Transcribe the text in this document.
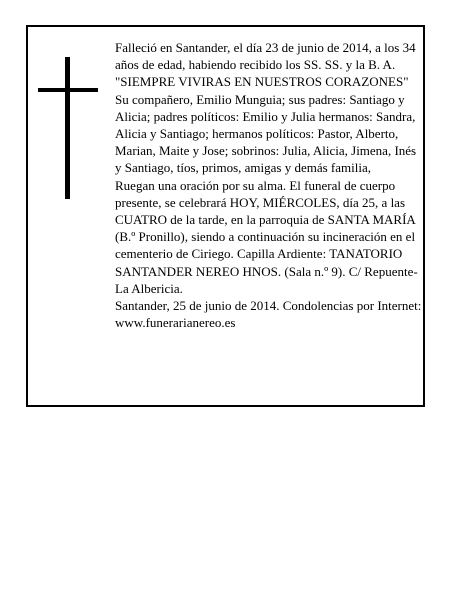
Falleció en Santander, el día 23 de junio de 2014, a los 34 años de edad, habiendo recibido los SS. SS. y la B. A.

"SIEMPRE VIVIRAS EN NUESTROS CORAZONES"

Su compañero, Emilio Munguia; sus padres: Santiago y Alicia; padres políticos: Emilio y Julia hermanos: Sandra, Alicia y Santiago; hermanos políticos: Pastor, Alberto, Marian, Maite y Jose; sobrinos: Julia, Alicia, Jimena, Inés y Santiago, tíos, primos, amigas y demás familia,

Ruegan una oración por su alma. El funeral de cuerpo presente, se celebrará HOY, MIÉRCOLES, día 25, a las CUATRO de la tarde, en la parroquia de SANTA MARÍA (B.º Pronillo), siendo a continuación su incineración en el cementerio de Ciriego. Capilla Ardiente: TANATORIO SANTANDER NEREO HNOS. (Sala n.º 9). C/ Repuente-La Albericia.

Santander, 25 de junio de 2014. Condolencias por Internet: www.funerarianereo.es
